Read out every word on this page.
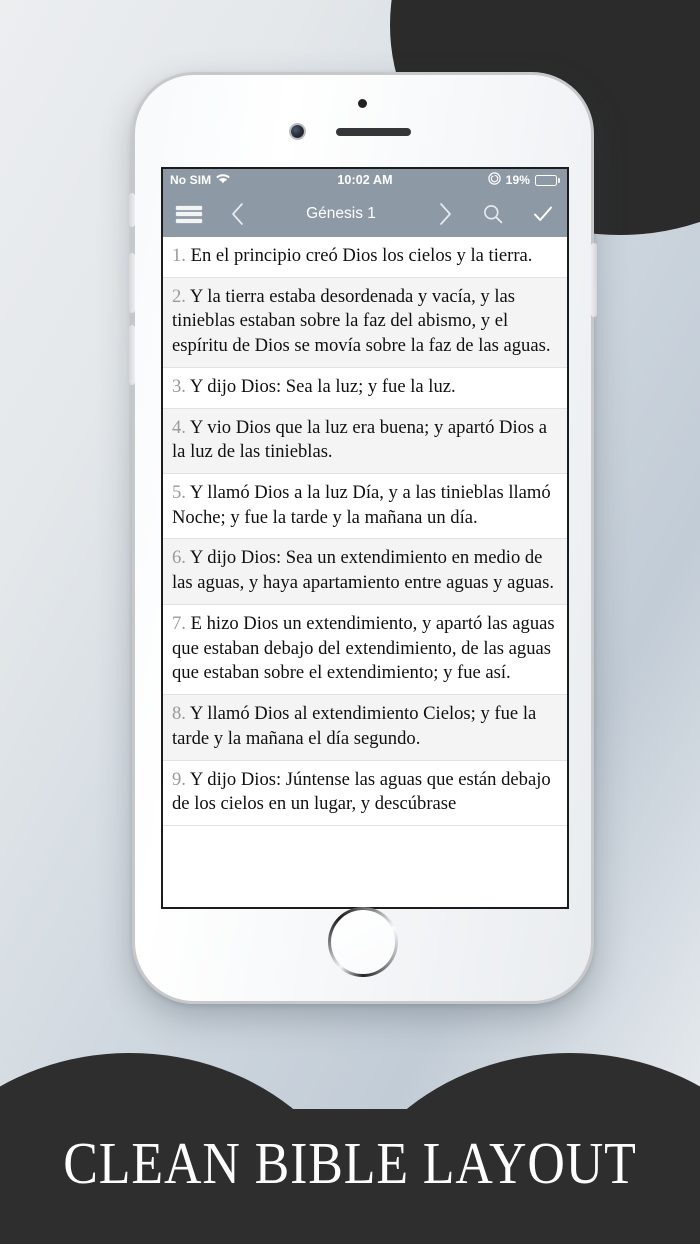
CLEAN BIBLE LAYOUT
No SIM	10:02 AM	19%
Génesis 1
1. En el principio creó Dios los cielos y la tierra.
2. Y la tierra estaba desordenada y vacía, y las tinieblas estaban sobre la faz del abismo, y el espíritu de Dios se movía sobre la faz de las aguas.
3. Y dijo Dios: Sea la luz; y fue la luz.
4. Y vio Dios que la luz era buena; y apartó Dios a la luz de las tinieblas.
5. Y llamó Dios a la luz Día, y a las tinieblas llamó Noche; y fue la tarde y la mañana un día.
6. Y dijo Dios: Sea un extendimiento en medio de las aguas, y haya apartamiento entre aguas y aguas.
7. E hizo Dios un extendimiento, y apartó las aguas que estaban debajo del extendimiento, de las aguas que estaban sobre el extendimiento; y fue así.
8. Y llamó Dios al extendimiento Cielos; y fue la tarde y la mañana el día segundo.
9. Y dijo Dios: Júntense las aguas que están debajo de los cielos en un lugar, y descúbrase
